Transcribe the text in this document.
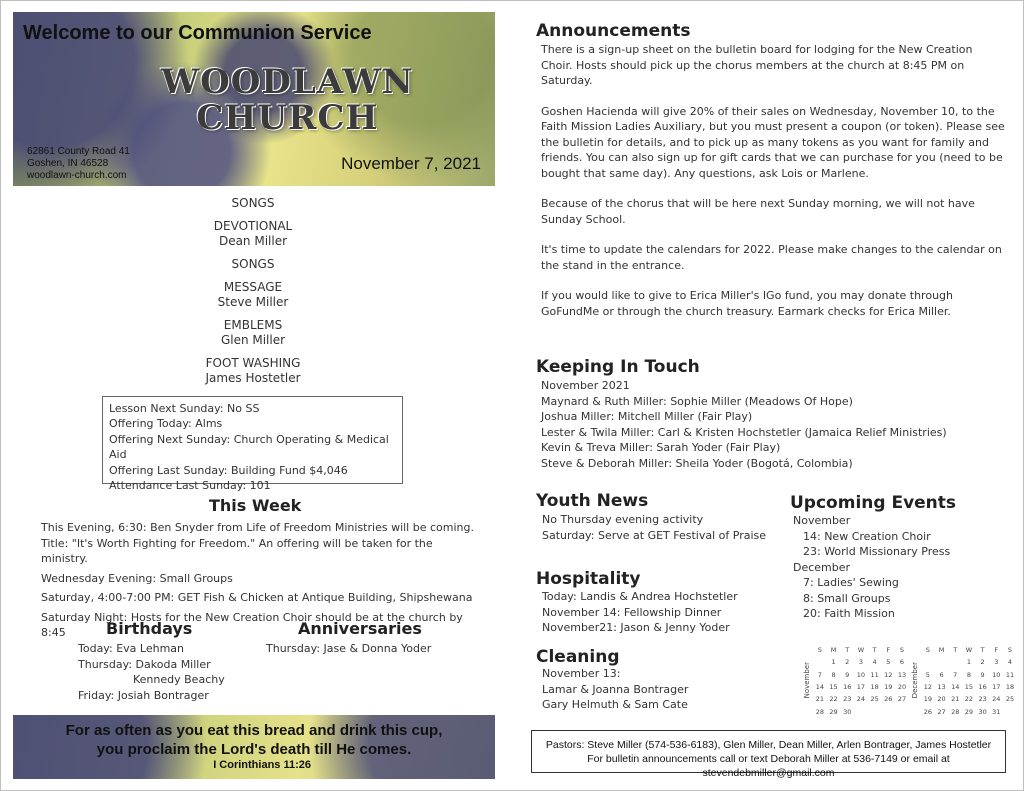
Welcome to our Communion Service
WOODLAWN
CHURCH
62861 County Road 41
Goshen, IN 46528
woodlawn-church.com
November 7, 2021
SONGS
DEVOTIONAL
Dean Miller
SONGS
MESSAGE
Steve Miller
EMBLEMS
Glen Miller
FOOT WASHING
James Hostetler
Lesson Next Sunday: No SS
Offering Today: Alms
Offering Next Sunday: Church Operating & Medical Aid
Offering Last Sunday: Building Fund $4,046
Attendance Last Sunday: 101
This Week
This Evening, 6:30: Ben Snyder from Life of Freedom Ministries will be coming.

Title: "It's Worth Fighting for Freedom." An offering will be taken for the ministry.

Wednesday Evening: Small Groups

Saturday, 4:00-7:00 PM: GET Fish & Chicken at Antique Building, Shipshewana

Saturday Night: Hosts for the New Creation Choir should be at the church by 8:45	Birthdays
Today: Eva Lehman
Thursday: Dakoda Miller
Kennedy Beachy
Friday: Josiah Bontrager
Anniversaries
Thursday: Jase & Donna Yoder
For as often as you eat this bread and drink this cup,
you proclaim the Lord's death till He comes.
I Corinthians 11:26
Announcements

There is a sign-up sheet on the bulletin board for lodging for the New Creation Choir. Hosts should pick up the chorus members at the church at 8:45 PM on Saturday.

Goshen Hacienda will give 20% of their sales on Wednesday, November 10, to the Faith Mission Ladies Auxiliary, but you must present a coupon (or token). Please see the bulletin for details, and to pick up as many tokens as you want for family and friends. You can also sign up for gift cards that we can purchase for you (need to be bought that same day). Any questions, ask Lois or Marlene.

Because of the chorus that will be here next Sunday morning, we will not have Sunday School.

It's time to update the calendars for 2022. Please make changes to the calendar on the stand in the entrance.

If you would like to give to Erica Miller's IGo fund, you may donate through GoFundMe or through the church treasury. Earmark checks for Erica Miller.

Keeping In Touch
November 2021
Maynard & Ruth Miller: Sophie Miller (Meadows Of Hope)
Joshua Miller: Mitchell Miller (Fair Play)
Lester & Twila Miller: Carl & Kristen Hochstetler (Jamaica Relief Ministries)
Kevin & Treva Miller: Sarah Yoder (Fair Play)
Steve & Deborah Miller: Sheila Yoder (Bogotá, Colombia)
Youth News
No Thursday evening activity
Saturday: Serve at GET Festival of Praise
Hospitality
Today: Landis & Andrea Hochstetler
November 14: Fellowship Dinner
November21: Jason & Jenny Yoder
Cleaning
November 13:
Lamar & Joanna Bontrager
Gary Helmuth & Sam Cate
Upcoming Events
November
14: New Creation Choir
23: World Missionary Press
December
7: Ladies' Sewing
8: Small Groups
20: Faith Mission
November
S	M	T	W	T	F	S
	1	2	3	4	5	6
7	8	9	10	11	12	13
14	15	16	17	18	19	20
21	22	23	24	25	26	27
28	29	30				
December
S	M	T	W	T	F	S
			1	2	3	4
5	6	7	8	9	10	11
12	13	14	15	16	17	18
19	20	21	22	23	24	25
26	27	28	29	30	31	
Pastors: Steve Miller (574-536-6183), Glen Miller, Dean Miller, Arlen Bontrager, James Hostetler
For bulletin announcements call or text Deborah Miller at 536-7149 or email at stevendebmiller@gmail.com
